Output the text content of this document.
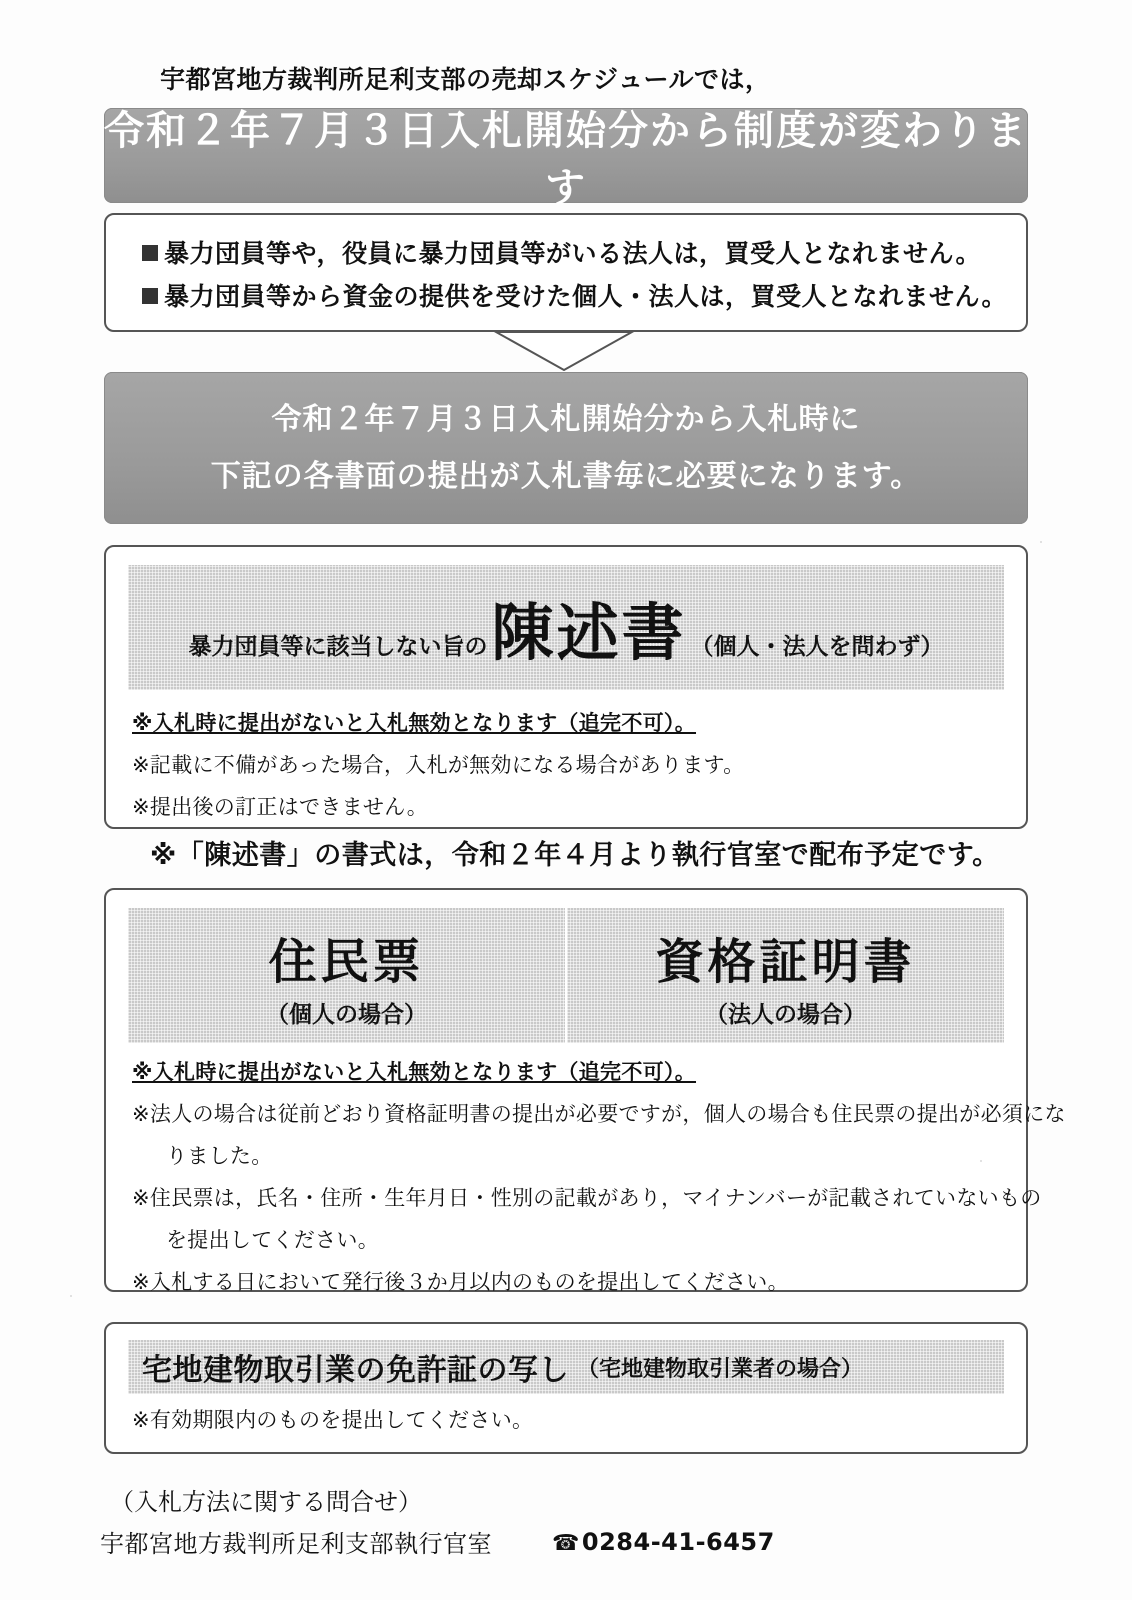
宇都宮地方裁判所足利支部の売却スケジュールでは，
令和２年７月３日入札開始分から制度が変わります
暴力団員等や，役員に暴力団員等がいる法人は，買受人となれません。
暴力団員等から資金の提供を受けた個人・法人は，買受人となれません。
令和２年７月３日入札開始分から入札時に
下記の各書面の提出が入札書毎に必要になります。
暴力団員等に該当しない旨の 陳述書 （個人・法人を問わず）
※入札時に提出がないと入札無効となります（追完不可）。
※記載に不備があった場合，入札が無効になる場合があります。
※提出後の訂正はできません。
※「陳述書」の書式は，令和２年４月より執行官室で配布予定です。
住民票
（個人の場合）
資格証明書
（法人の場合）
※入札時に提出がないと入札無効となります（追完不可）。
※法人の場合は従前どおり資格証明書の提出が必要ですが，個人の場合も住民票の提出が必須にな
りました。
※住民票は，氏名・住所・生年月日・性別の記載があり，マイナンバーが記載されていないもの
を提出してください。
※入札する日において発行後３か月以内のものを提出してください。
宅地建物取引業の免許証の写し （宅地建物取引業者の場合）
※有効期限内のものを提出してください。
（入札方法に関する問合せ）
宇都宮地方裁判所足利支部執行官室	☎0284-41-6457
